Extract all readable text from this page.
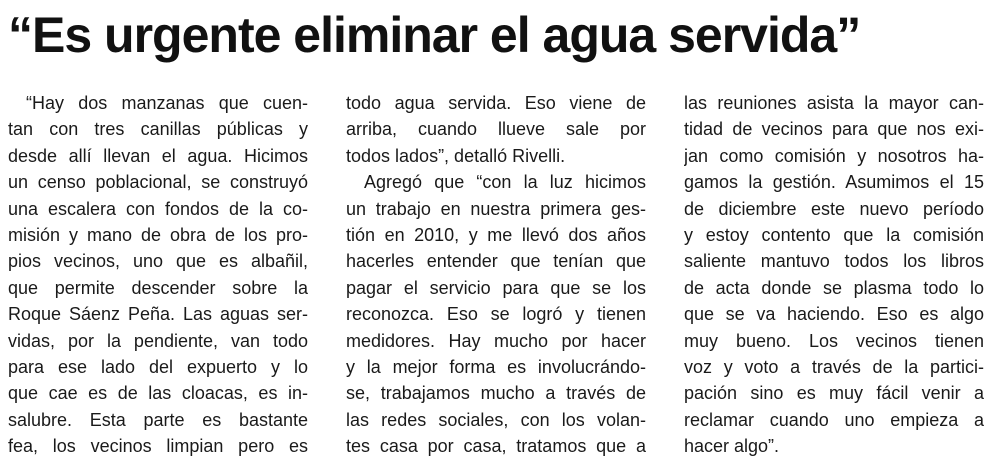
“Es urgente eliminar el agua servida”
“Hay dos manzanas que cuen-
tan con tres canillas públicas y
desde allí llevan el agua. Hicimos
un censo poblacional, se construyó
una escalera con fondos de la co-
misión y mano de obra de los pro-
pios vecinos, uno que es albañil,
que permite descender sobre la
Roque Sáenz Peña. Las aguas ser-
vidas, por la pendiente, van todo
para ese lado del expuerto y lo
que cae es de las cloacas, es in-
salubre. Esta parte es bastante
fea, los vecinos limpian pero es
todo agua servida. Eso viene de
arriba, cuando llueve sale por
todos lados”, detalló Rivelli.
Agregó que “con la luz hicimos
un trabajo en nuestra primera ges-
tión en 2010, y me llevó dos años
hacerles entender que tenían que
pagar el servicio para que se los
reconozca. Eso se logró y tienen
medidores. Hay mucho por hacer
y la mejor forma es involucrándo-
se, trabajamos mucho a través de
las redes sociales, con los volan-
tes casa por casa, tratamos que a
las reuniones asista la mayor can-
tidad de vecinos para que nos exi-
jan como comisión y nosotros ha-
gamos la gestión. Asumimos el 15
de diciembre este nuevo período
y estoy contento que la comisión
saliente mantuvo todos los libros
de acta donde se plasma todo lo
que se va haciendo. Eso es algo
muy bueno. Los vecinos tienen
voz y voto a través de la partici-
pación sino es muy fácil venir a
reclamar cuando uno empieza a
hacer algo”.
